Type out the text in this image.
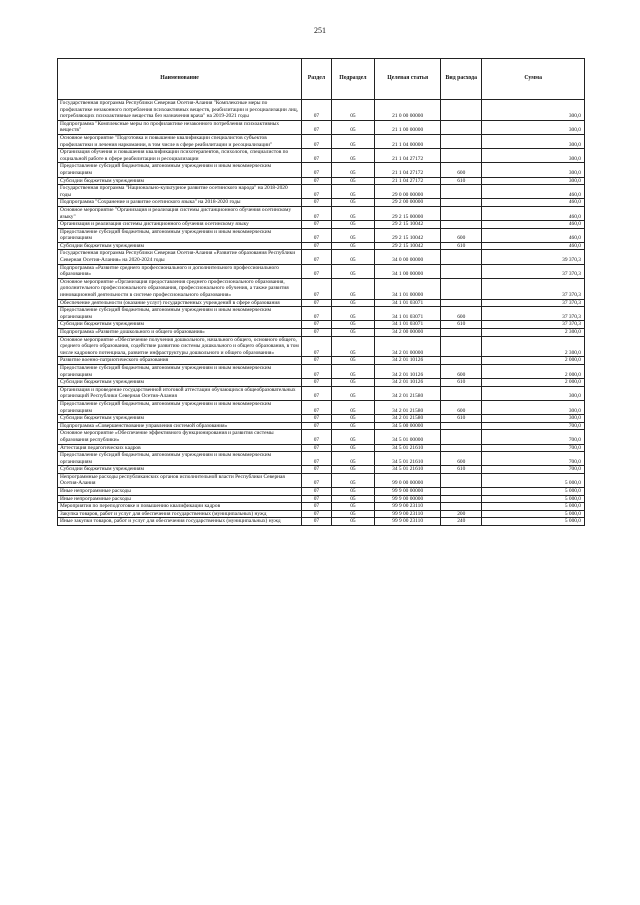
251
Наименование	Раздел	Подраздел	Целевая статья	Вид расхода	Сумма
Государственная программа Республики Северная Осетия-Алания "Комплексные меры по профилактике незаконного потребления психоактивных веществ, реабилитации и ресоциализации лиц, потребляющих психоактивные вещества без назначения врача" на 2019-2021 годы	07	05	21 0 00 00000		300,0
Подпрограмма "Комплексные меры по профилактике незаконного потребления психоактивных веществ"	07	05	21 1 00 00000		300,0
Основное мероприятие "Подготовка и повышение квалификации специалистов субъектов профилактики и лечения наркомании, в том числе в сфере реабилитации и ресоциализации"	07	05	21 1 04 00000		300,0
Организация обучения и повышения квалификации психотерапевтов, психологов, специалистов по социальной работе в сфере реабилитации и ресоциализации	07	05	21 1 04 27172		300,0
Предоставление субсидий бюджетным, автономным учреждениям и иным некоммерческим организациям	07	05	21 1 04 27172	600	300,0
Субсидии бюджетным учреждениям	07	05	21 1 04 27172	610	300,0
Государственная программа "Национально-культурное развитие осетинского народа" на 2018-2020 годы	07	05	29 0 00 00000		460,0
Подпрограмма "Сохранение и развитие осетинского языка" на 2018-2020 годы	07	05	29 2 00 00000		460,0
Основное мероприятие "Организация и реализация системы дистанционного обучения осетинскому языку"	07	05	29 2 15 00000		460,0
Организация и реализация системы дистанционного обучения осетинскому языку	07	05	29 2 15 10042		460,0
Предоставление субсидий бюджетным, автономным учреждениям и иным некоммерческим организациям	07	05	29 2 15 10042	600	460,0
Субсидии бюджетным учреждениям	07	05	29 2 15 10042	610	460,0
Государственная программа Республики Северная Осетия-Алания «Развитие образования Республики Северная Осетия-Алания» на 2020-2024 годы	07	05	34 0 00 00000		39 370,3
Подпрограмма «Развитие среднего профессионального и дополнительного профессионального образования»	07	05	34 1 00 00000		37 370,3
Основное мероприятие «Организация предоставления среднего профессионального образования, дополнительного профессионального образования, профессионального обучения, а также развития инновационной деятельности в системе профессионального образования»	07	05	34 1 01 00000		37 370,3
Обеспечение деятельности (оказание услуг) государственных учреждений в сфере образования	07	05	34 1 01 03071		37 370,3
Предоставление субсидий бюджетным, автономным учреждениям и иным некоммерческим организациям	07	05	34 1 01 03071	600	37 370,3
Субсидии бюджетным учреждениям	07	05	34 1 01 03071	610	37 370,3
Подпрограмма «Развитие дошкольного и общего образования»	07	05	34 2 00 00000		2 300,0
Основное мероприятие «Обеспечение получения дошкольного, начального общего, основного общего, среднего общего образования, содействие развитию системы дошкольного и общего образования, в том числе кадрового потенциала, развитие инфраструктуры дошкольного и общего образования»	07	05	34 2 01 00000		2 300,0
Развитие военно-патриотического образования	07	05	34 2 01 10126		2 000,0
Предоставление субсидий бюджетным, автономным учреждениям и иным некоммерческим организациям	07	05	34 2 01 10126	600	2 000,0
Субсидии бюджетным учреждениям	07	05	34 2 01 10126	610	2 000,0
Организация и проведение государственной итоговой аттестации обучающихся общеобразовательных организаций Республики Северная Осетия-Алания	07	05	34 2 01 21580		300,0
Предоставление субсидий бюджетным, автономным учреждениям и иным некоммерческим организациям	07	05	34 2 01 21580	600	300,0
Субсидии бюджетным учреждениям	07	05	34 2 01 21580	610	300,0
Подпрограмма «Совершенствование управления системой образования»	07	05	34 5 00 00000		700,0
Основное мероприятие «Обеспечение эффективного функционирования и развития системы образования республики»	07	05	34 5 01 00000		700,0
Аттестация педагогических кадров	07	05	34 5 01 21610		700,0
Предоставление субсидий бюджетным, автономным учреждениям и иным некоммерческим организациям	07	05	34 5 01 21610	600	700,0
Субсидии бюджетным учреждениям	07	05	34 5 01 21610	610	700,0
Непрограммные расходы республиканских органов исполнительной власти Республики Северная Осетия-Алания	07	05	99 0 00 00000		5 000,0
Иные непрограммные расходы	07	05	99 9 00 00000		5 000,0
Иные непрограммные расходы	07	05	99 9 00 00000		5 000,0
Мероприятия по переподготовке и повышению квалификации кадров	07	05	99 9 00 23110		5 000,0
Закупка товаров, работ и услуг для обеспечения государственных (муниципальных) нужд	07	05	99 9 00 23110	200	5 000,0
Иные закупки товаров, работ и услуг для обеспечения государственных (муниципальных) нужд	07	05	99 9 00 23110	240	5 000,0
